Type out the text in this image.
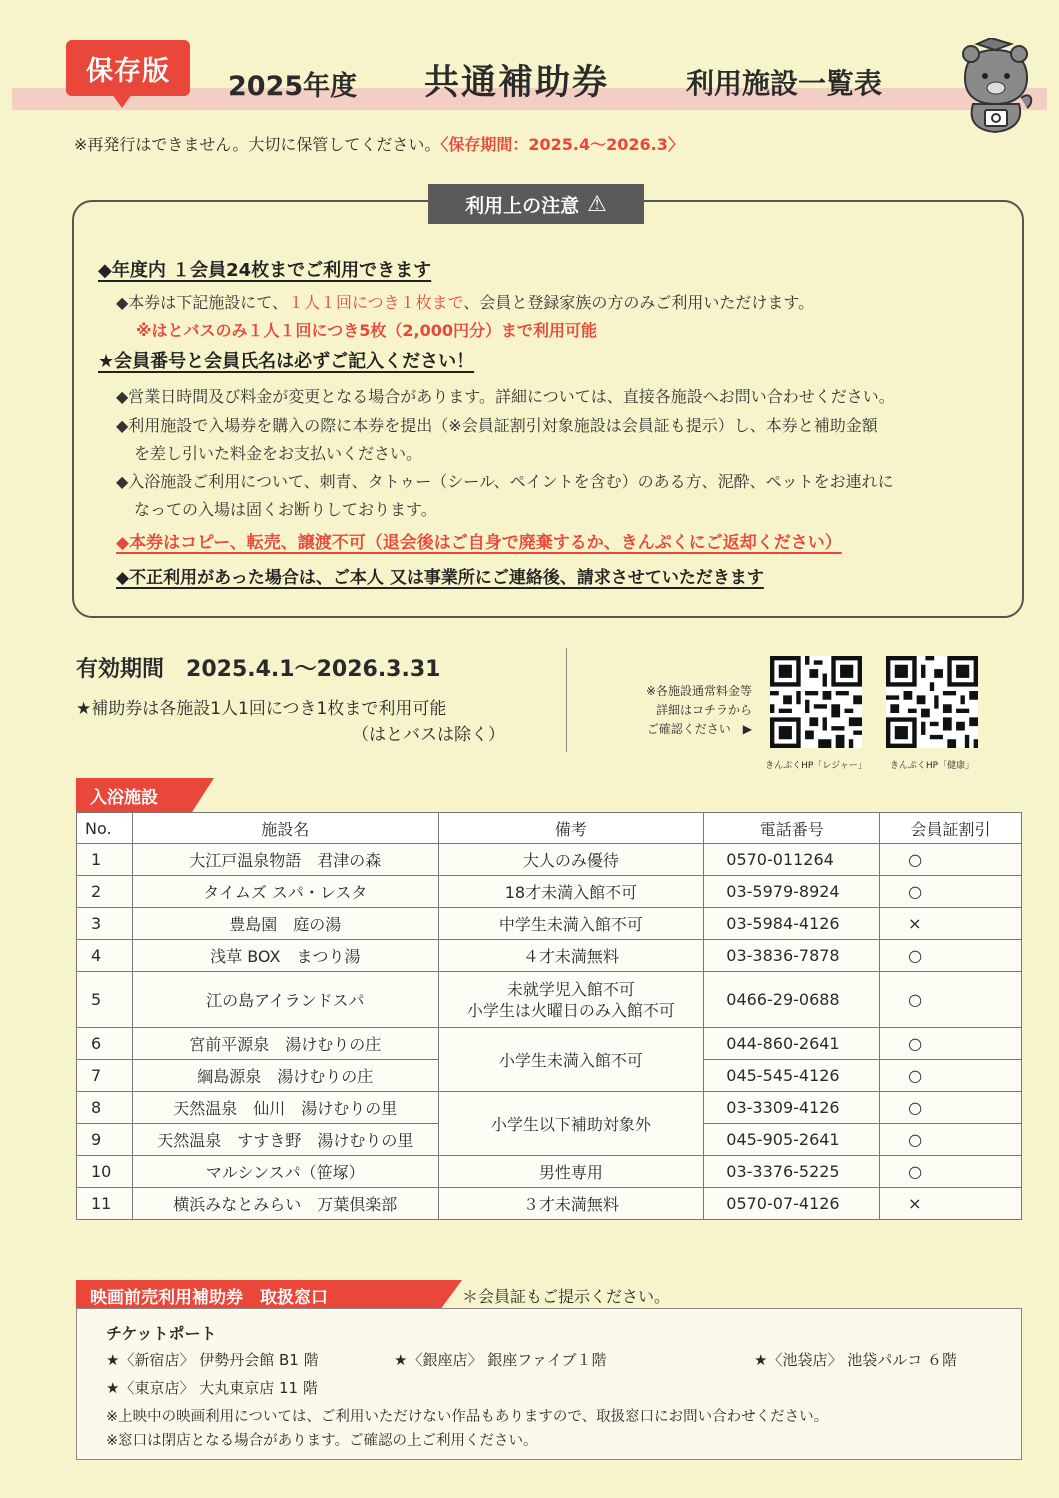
保存版	2025年度 共通補助券	利用施設一覧表
※再発行はできません。大切に保管してください。〈保存期間：2025.4～2026.3〉
利用上の注意 ⚠
◆年度内 １会員24枚までご利用できます
◆本券は下記施設にて、１人１回につき１枚まで、会員と登録家族の方のみご利用いただけます。
※はとバスのみ１人１回につき5枚（2,000円分）まで利用可能
★会員番号と会員氏名は必ずご記入ください！
◆営業日時間及び料金が変更となる場合があります。詳細については、直接各施設へお問い合わせください。
◆利用施設で入場券を購入の際に本券を提出（※会員証割引対象施設は会員証も提示）し、本券と補助金額
を差し引いた料金をお支払いください。
◆入浴施設ご利用について、刺青、タトゥー（シール、ペイントを含む）のある方、泥酔、ペットをお連れに
なっての入場は固くお断りしております。
◆本券はコピー、転売、譲渡不可（退会後はご自身で廃棄するか、きんぷくにご返却ください）
◆不正利用があった場合は、ご本人 又は事業所にご連絡後、請求させていただきます
有効期間　 2025.4.1～2026.3.31
★補助券は各施設1人1回につき1枚まで利用可能
（はとバスは除く）
※各施設通常料金等
詳細はコチラから
ご確認ください　▶
きんぷくHP「レジャー」	きんぷくHP「健康」
入浴施設
No.	施設名	備考	電話番号	会員証割引
1	大江戸温泉物語　君津の森	大人のみ優待	0570-011264	○
2	タイムズ スパ・レスタ	18才未満入館不可	03-5979-8924	○
3	豊島園　庭の湯	中学生未満入館不可	03-5984-4126	×
4	浅草 BOX　まつり湯	４才未満無料	03-3836-7878	○
5	江の島アイランドスパ	未就学児入館不可
小学生は火曜日のみ入館不可	0466-29-0688	○
6	宮前平源泉　湯けむりの庄	小学生未満入館不可	044-860-2641	○
7	綱島源泉　湯けむりの庄		045-545-4126	○
8	天然温泉　仙川　湯けむりの里	小学生以下補助対象外	03-3309-4126	○
9	天然温泉　すすき野　湯けむりの里		045-905-2641	○
10	マルシンスパ（笹塚）	男性専用	03-3376-5225	○
11	横浜みなとみらい　万葉倶楽部	３才未満無料	0570-07-4126	×
映画前売利用補助券　取扱窓口	＊会員証もご提示ください。
チケットポート
★〈新宿店〉 伊勢丹会館 B1 階	★〈銀座店〉 銀座ファイブ１階	★〈池袋店〉 池袋パルコ ６階
★〈東京店〉 大丸東京店 11 階
※上映中の映画利用については、ご利用いただけない作品もありますので、取扱窓口にお問い合わせください。
※窓口は閉店となる場合があります。ご確認の上ご利用ください。
